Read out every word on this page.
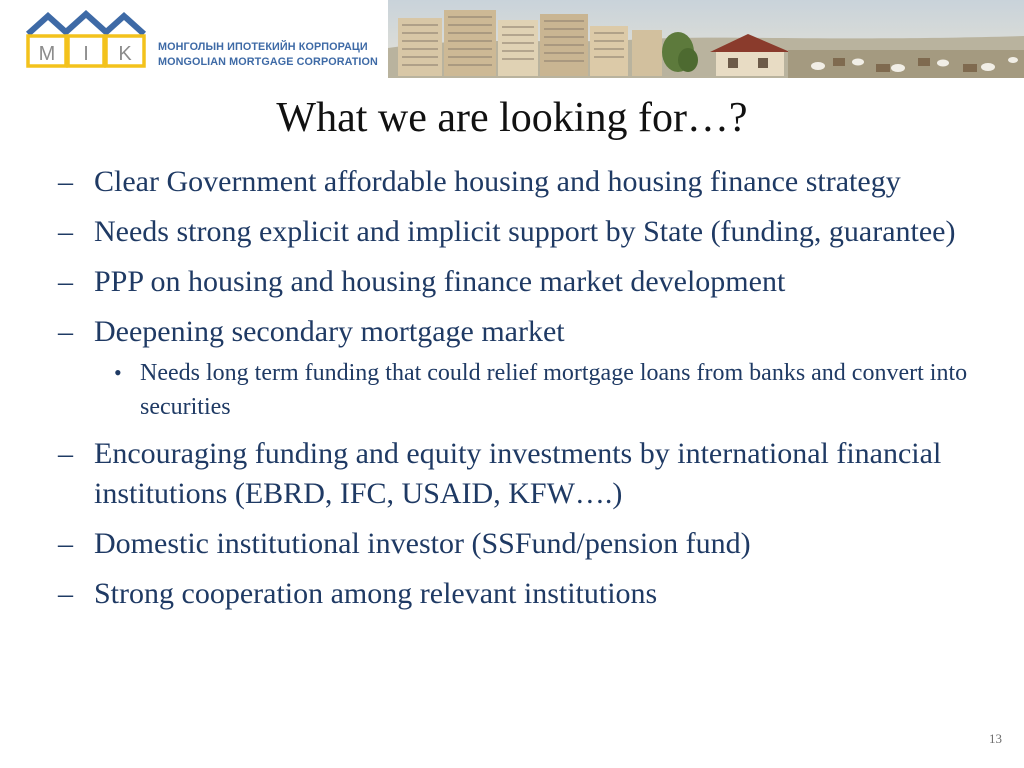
M I K МОНГОЛЫН ИПОТЕКИЙН КОРПОРАЦИ
MONGOLIAN MORTGAGE CORPORATION
What we are looking for…?
– Clear Government affordable housing and housing finance strategy
– Needs strong explicit and implicit support by State (funding, guarantee)
– PPP on housing and housing finance market development
– Deepening secondary mortgage market
• Needs long term funding that could relief mortgage loans from banks and convert into securities
– Encouraging funding and equity investments by international financial institutions (EBRD, IFC, USAID, KFW….)
– Domestic institutional investor (SSFund/pension fund)
– Strong cooperation among relevant institutions
13
